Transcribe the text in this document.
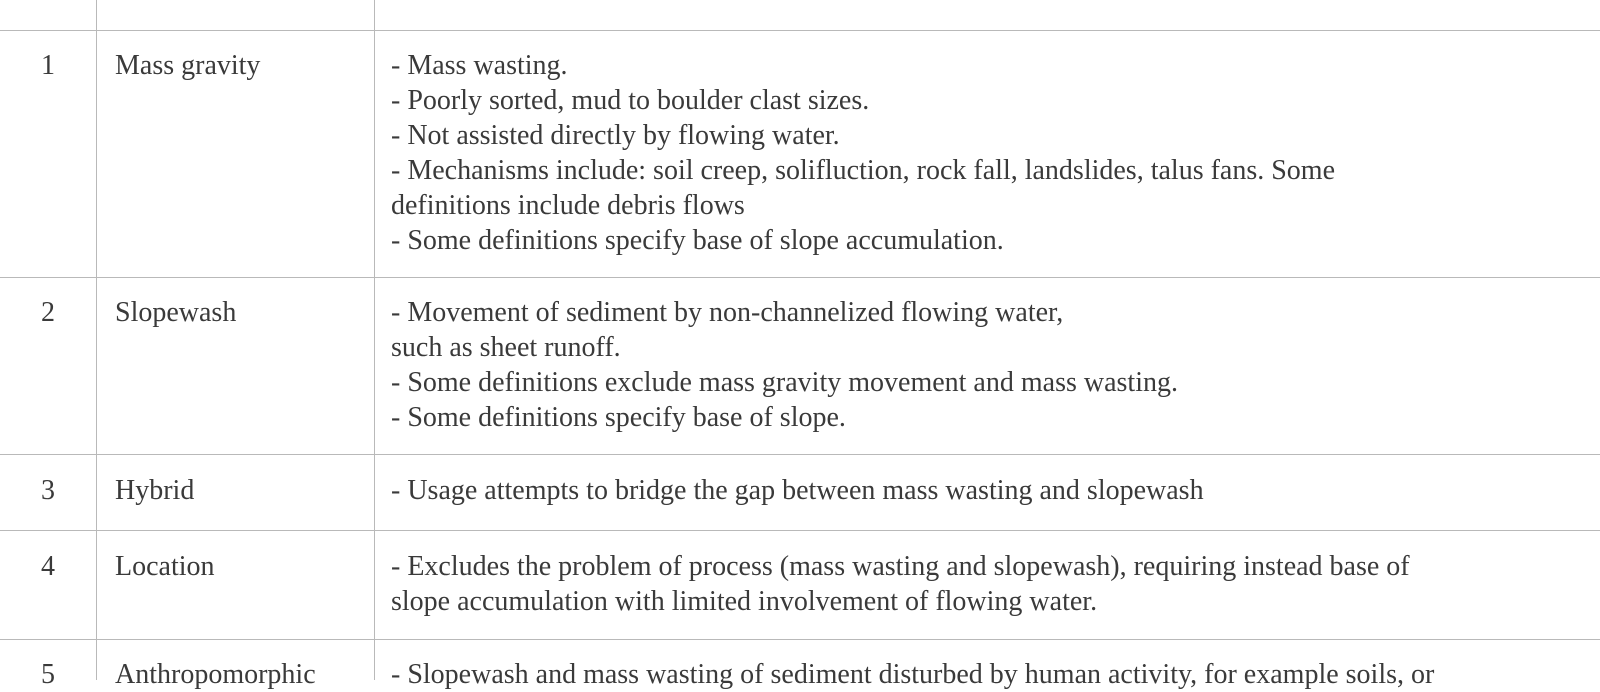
1	Mass gravity	- Mass wasting.
- Poorly sorted, mud to boulder clast sizes.
- Not assisted directly by flowing water.
- Mechanisms include: soil creep, solifluction, rock fall, landslides, talus fans. Some
definitions include debris flows
- Some definitions specify base of slope accumulation.
2	Slopewash	- Movement of sediment by non-channelized flowing water,
such as sheet runoff.
- Some definitions exclude mass gravity movement and mass wasting.
- Some definitions specify base of slope.
3	Hybrid	- Usage attempts to bridge the gap between mass wasting and slopewash
4	Location	- Excludes the problem of process (mass wasting and slopewash), requiring instead base of
slope accumulation with limited involvement of flowing water.
5	Anthropomorphic	- Slopewash and mass wasting of sediment disturbed by human activity, for example soils, or
